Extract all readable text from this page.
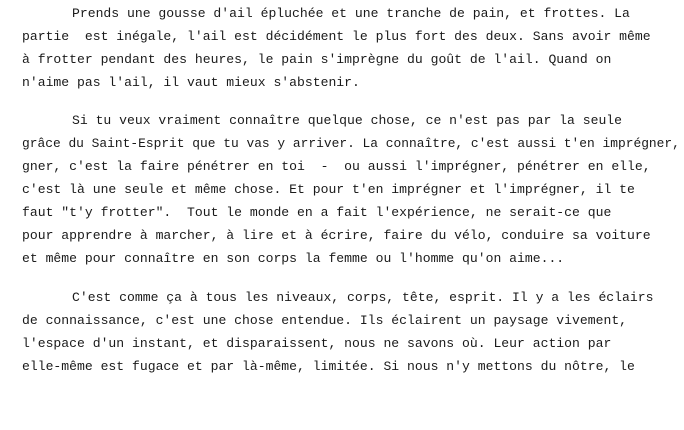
Prends une gousse d'ail épluchée et une tranche de pain, et frottes. La
partie  est inégale, l'ail est décidément le plus fort des deux. Sans avoir même
à frotter pendant des heures, le pain s'imprègne du goût de l'ail. Quand on
n'aime pas l'ail, il vaut mieux s'abstenir.
Si tu veux vraiment connaître quelque chose, ce n'est pas par la seule
grâce du Saint-Esprit que tu vas y arriver. La connaître, c'est aussi t'en imprégner,
gner, c'est la faire pénétrer en toi  -  ou aussi l'imprégner, pénétrer en elle,
c'est là une seule et même chose. Et pour t'en imprégner et l'imprégner, il te
faut "t'y frotter".  Tout le monde en a fait l'expérience, ne serait-ce que
pour apprendre à marcher, à lire et à écrire, faire du vélo, conduire sa voiture
et même pour connaître en son corps la femme ou l'homme qu'on aime...
C'est comme ça à tous les niveaux, corps, tête, esprit. Il y a les éclairs
de connaissance, c'est une chose entendue. Ils éclairent un paysage vivement,
l'espace d'un instant, et disparaissent, nous ne savons où. Leur action par
elle-même est fugace et par là-même, limitée. Si nous n'y mettons du nôtre, le
